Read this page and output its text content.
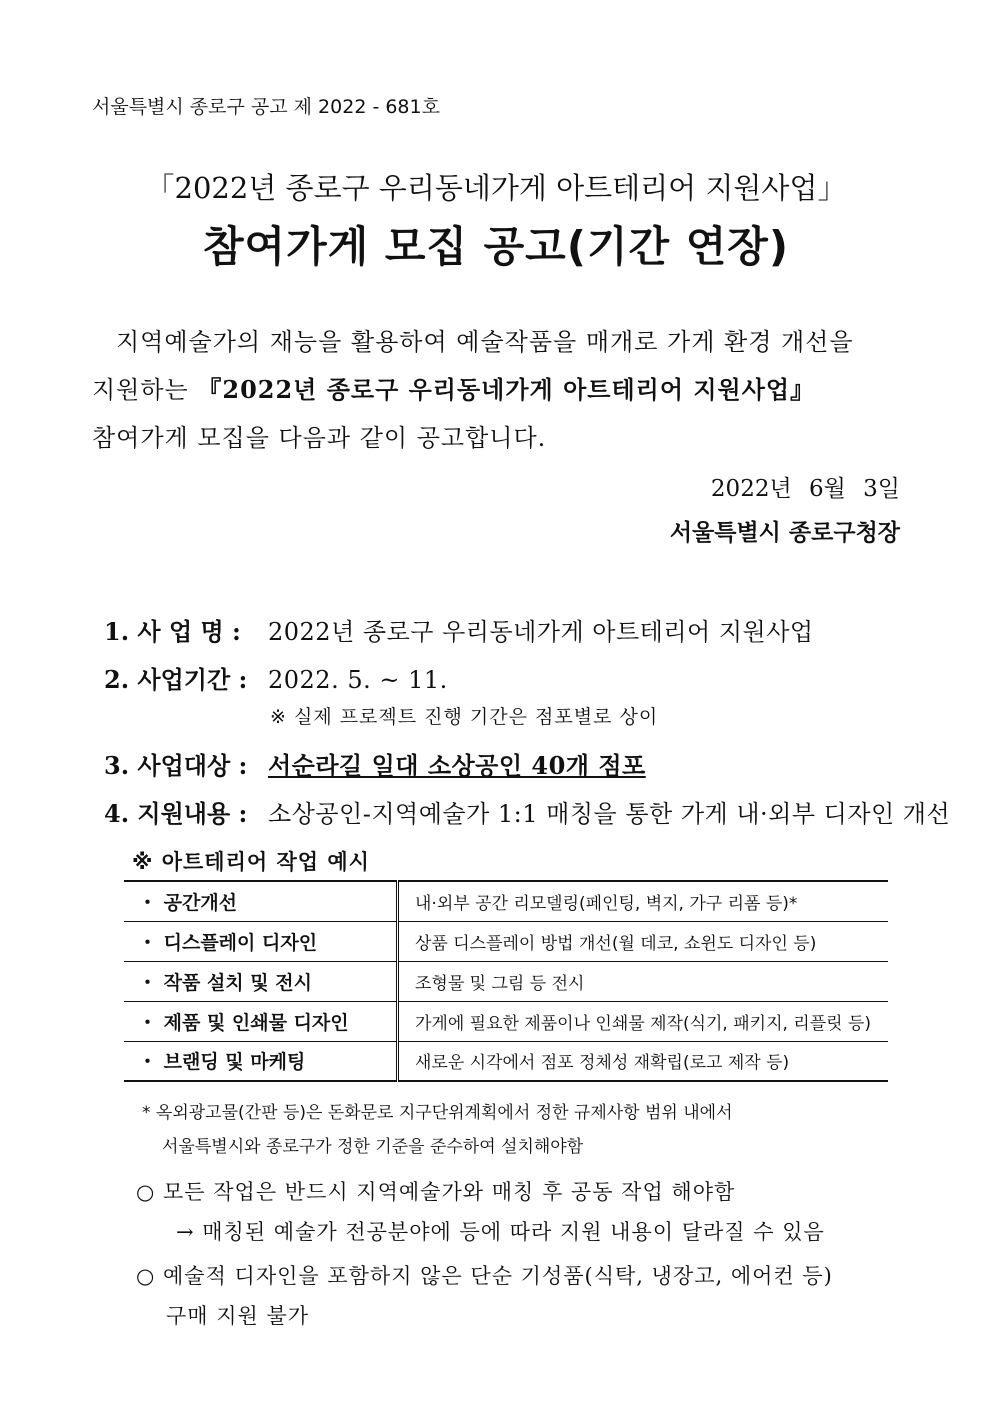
서울특별시 종로구 공고 제 2022 - 681호
「2022년 종로구 우리동네가게 아트테리어 지원사업」
참여가게 모집 공고(기간 연장)
지역예술가의 재능을 활용하여 예술작품을 매개로 가게 환경 개선을
지원하는 『2022년 종로구 우리동네가게 아트테리어 지원사업』
참여가게 모집을 다음과 같이 공고합니다.
2022년 6월 3일
서울특별시 종로구청장
1. 사 업 명 : 2022년 종로구 우리동네가게 아트테리어 지원사업
2. 사업기간 : 2022. 5. ~ 11.
※ 실제 프로젝트 진행 기간은 점포별로 상이
3. 사업대상 : 서순라길 일대 소상공인 40개 점포
4. 지원내용 : 소상공인-지역예술가 1:1 매칭을 통한 가게 내·외부 디자인 개선
※ 아트테리어 작업 예시
・ 공간개선	내·외부 공간 리모델링(페인팅, 벽지, 가구 리폼 등)*
・ 디스플레이 디자인	상품 디스플레이 방법 개선(월 데코, 쇼윈도 디자인 등)
・ 작품 설치 및 전시	조형물 및 그림 등 전시
・ 제품 및 인쇄물 디자인	가게에 필요한 제품이나 인쇄물 제작(식기, 패키지, 리플릿 등)
・ 브랜딩 및 마케팅	새로운 시각에서 점포 정체성 재확립(로고 제작 등)
* 옥외광고물(간판 등)은 돈화문로 지구단위계획에서 정한 규제사항 범위 내에서
서울특별시와 종로구가 정한 기준을 준수하여 설치해야함
○ 모든 작업은 반드시 지역예술가와 매칭 후 공동 작업 해야함
→ 매칭된 예술가 전공분야에 등에 따라 지원 내용이 달라질 수 있음
○ 예술적 디자인을 포함하지 않은 단순 기성품(식탁, 냉장고, 에어컨 등)
구매 지원 불가
